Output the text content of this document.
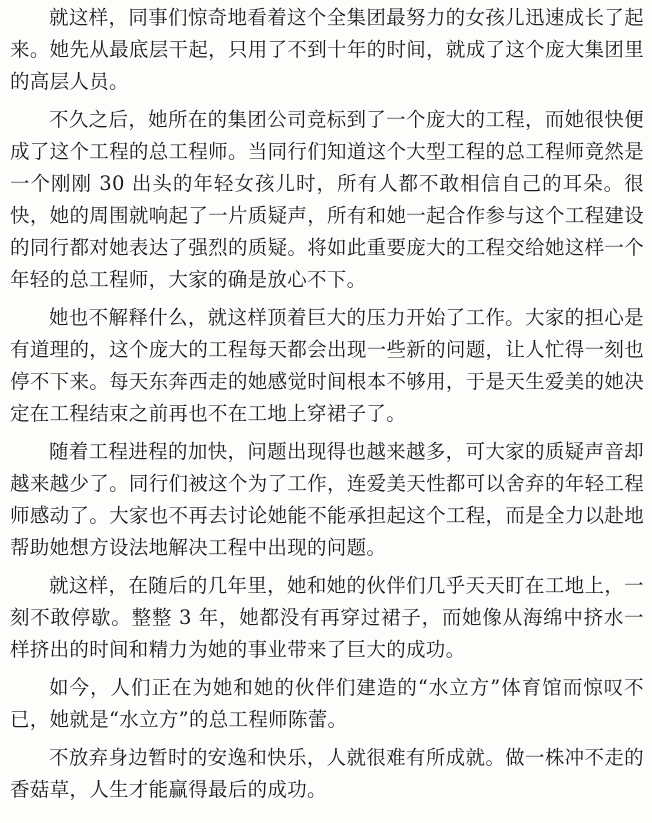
就这样，同事们惊奇地看着这个全集团最努力的女孩儿迅速成长了起来。她先从最底层干起，只用了不到十年的时间，就成了这个庞大集团里的高层人员。

不久之后，她所在的集团公司竞标到了一个庞大的工程，而她很快便成了这个工程的总工程师。当同行们知道这个大型工程的总工程师竟然是一个刚刚 30 出头的年轻女孩儿时，所有人都不敢相信自己的耳朵。很快，她的周围就响起了一片质疑声，所有和她一起合作参与这个工程建设的同行都对她表达了强烈的质疑。将如此重要庞大的工程交给她这样一个年轻的总工程师，大家的确是放心不下。

她也不解释什么，就这样顶着巨大的压力开始了工作。大家的担心是有道理的，这个庞大的工程每天都会出现一些新的问题，让人忙得一刻也停不下来。每天东奔西走的她感觉时间根本不够用，于是天生爱美的她决定在工程结束之前再也不在工地上穿裙子了。

随着工程进程的加快，问题出现得也越来越多，可大家的质疑声音却越来越少了。同行们被这个为了工作，连爱美天性都可以舍弃的年轻工程师感动了。大家也不再去讨论她能不能承担起这个工程，而是全力以赴地帮助她想方设法地解决工程中出现的问题。

就这样，在随后的几年里，她和她的伙伴们几乎天天盯在工地上，一刻不敢停歇。整整 3 年，她都没有再穿过裙子，而她像从海绵中挤水一样挤出的时间和精力为她的事业带来了巨大的成功。

如今，人们正在为她和她的伙伴们建造的“水立方”体育馆而惊叹不已，她就是“水立方”的总工程师陈蕾。

不放弃身边暂时的安逸和快乐，人就很难有所成就。做一株冲不走的香菇草，人生才能赢得最后的成功。
